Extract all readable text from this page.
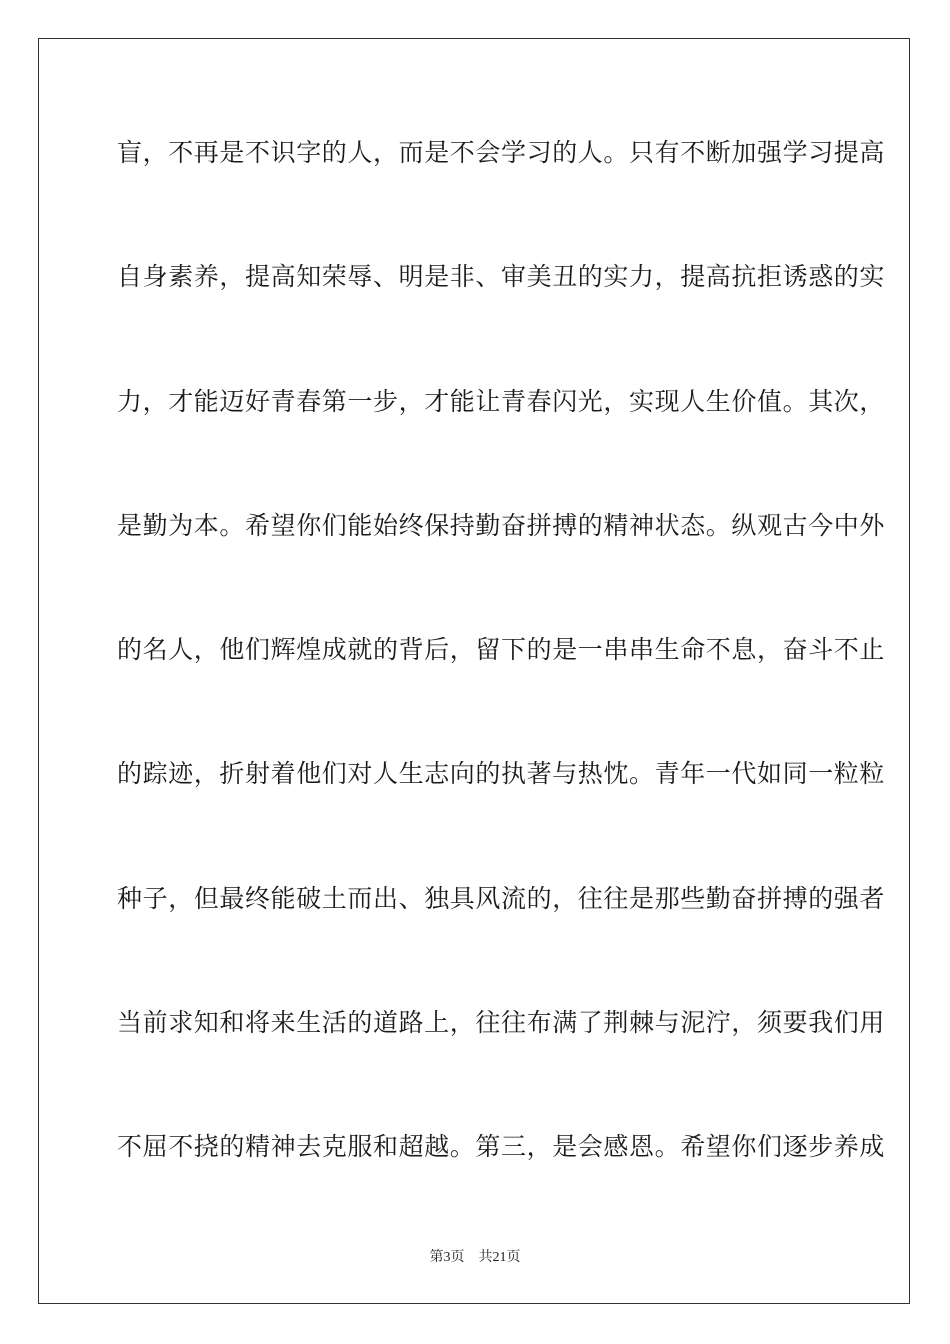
盲，不再是不识字的人，而是不会学习的人。只有不断加强学习提高
自身素养，提高知荣辱、明是非、审美丑的实力，提高抗拒诱惑的实
力，才能迈好青春第一步，才能让青春闪光，实现人生价值。其次，
是勤为本。希望你们能始终保持勤奋拼搏的精神状态。纵观古今中外
的名人，他们辉煌成就的背后，留下的是一串串生命不息，奋斗不止
的踪迹，折射着他们对人生志向的执著与热忱。青年一代如同一粒粒
种子，但最终能破土而出、独具风流的，往往是那些勤奋拼搏的强者
当前求知和将来生活的道路上，往往布满了荆棘与泥泞，须要我们用
不屈不挠的精神去克服和超越。第三，是会感恩。希望你们逐步养成
第3页 共21页
